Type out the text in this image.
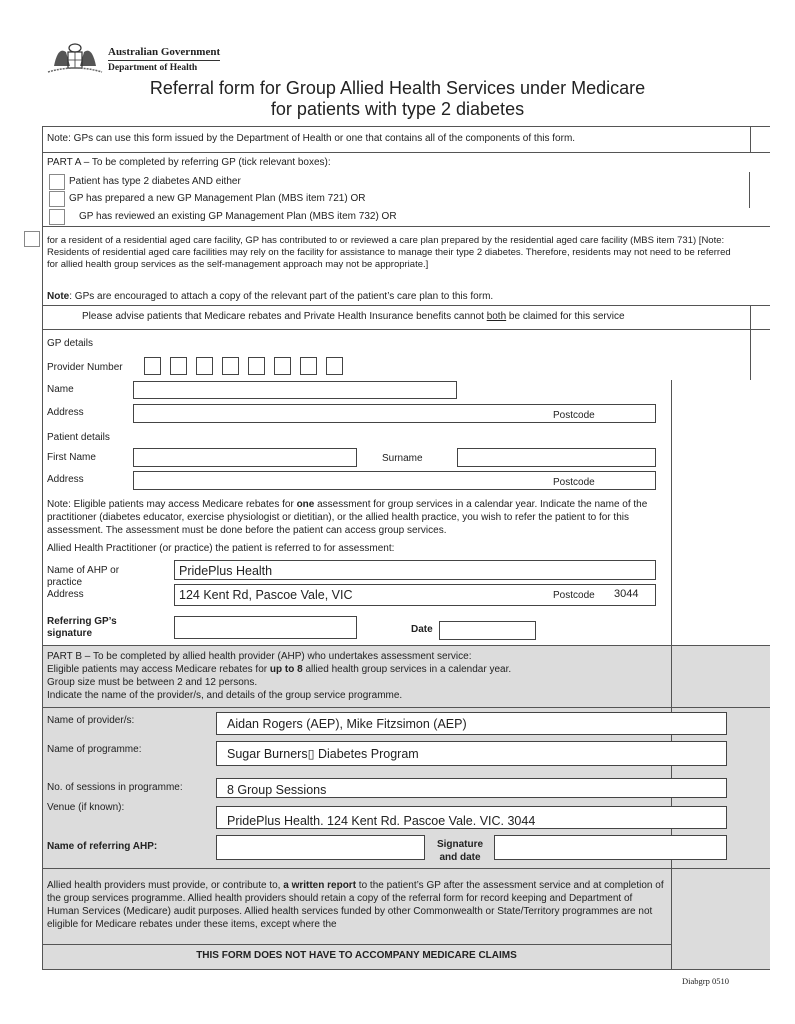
Australian Government
Department of Health
Referral form for Group Allied Health Services under Medicare
for patients with type 2 diabetes
Note: GPs can use this form issued by the Department of Health or one that contains all of the components of this form.
PART A – To be completed by referring GP (tick relevant boxes):
Patient has type 2 diabetes AND either
GP has prepared a new GP Management Plan (MBS item 721) OR
GP has reviewed an existing GP Management Plan (MBS item 732) OR
for a resident of a residential aged care facility, GP has contributed to or reviewed a care plan prepared by the residential aged care facility (MBS item 731) [Note: Residents of residential aged care facilities may rely on the facility for assistance to manage their type 2 diabetes. Therefore, residents may not need to be referred for allied health group services as the self-management approach may not be appropriate.]
Note: GPs are encouraged to attach a copy of the relevant part of the patient’s care plan to this form.
Please advise patients that Medicare rebates and Private Health Insurance benefits cannot both be claimed for this service
GP details
Provider Number
Name
Address	Postcode
Patient details
First Name	Surname
Address	Postcode
Note: Eligible patients may access Medicare rebates for one assessment for group services in a calendar year. Indicate the name of the practitioner (diabetes educator, exercise physiologist or dietitian), or the allied health practice, you wish to refer the patient to for this assessment. The assessment must be done before the patient can access group services.
Allied Health Practitioner (or practice) the patient is referred to for assessment:
Name of AHP or practice
PridePlus Health
Address	124 Kent Rd, Pascoe Vale, VIC	Postcode 3044
Referring GP’s signature	Date
PART B – To be completed by allied health provider (AHP) who undertakes assessment service:
Eligible patients may access Medicare rebates for up to 8 allied health group services in a calendar year.
Group size must be between 2 and 12 persons.
Indicate the name of the provider/s, and details of the group service programme.
Name of provider/s:	Aidan Rogers (AEP), Mike Fitzsimon (AEP)
Name of programme:	Sugar Burners▯ Diabetes Program
No. of sessions in programme:	8 Group Sessions
Venue (if known):
PridePlus Health. 124 Kent Rd. Pascoe Vale. VIC. 3044
Name of referring AHP:	Signature and date
Allied health providers must provide, or contribute to, a written report to the patient’s GP after the assessment service and at completion of the group services programme. Allied health providers should retain a copy of the referral form for record keeping and Department of Human Services (Medicare) audit purposes. Allied health services funded by other Commonwealth or State/Territory programmes are not eligible for Medicare rebates under these items, except where the
THIS FORM DOES NOT HAVE TO ACCOMPANY MEDICARE CLAIMS
Diabgrp 0510
